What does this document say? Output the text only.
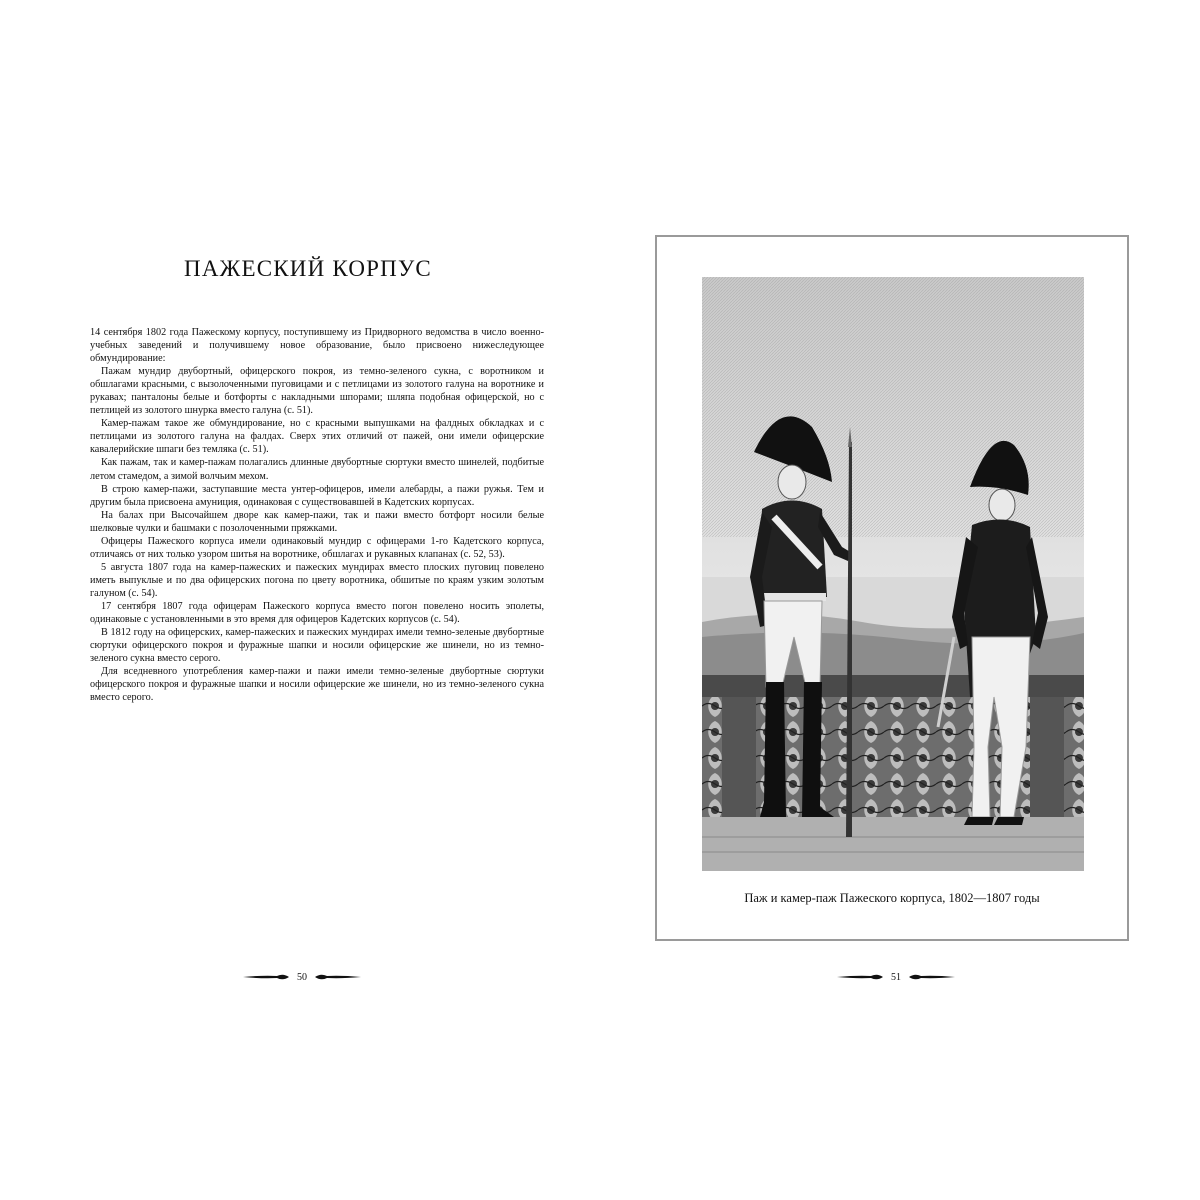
ПАЖЕСКИЙ КОРПУС

14 сентября 1802 года Пажескому корпусу, поступившему из Придворного ведомства в число военно-учебных заведений и получившему новое образование, было присвоено нижеследующее обмундирование:

Пажам мундир двубортный, офицерского покроя, из темно-зеленого сукна, с воротником и обшлагами красными, с вызолоченными пуговицами и с петлицами из золотого галуна на воротнике и рукавах; панталоны белые и ботфорты с накладными шпорами; шляпа подобная офицерской, но с петлицей из золотого шнурка вместо галуна (с. 51).

Камер-пажам такое же обмундирование, но с красными выпушками на фалдных обкладках и с петлицами из золотого галуна на фалдах. Сверх этих отличий от пажей, они имели офицерские кавалерийские шпаги без темляка (с. 51).

Как пажам, так и камер-пажам полагались длинные двубортные сюртуки вместо шинелей, подбитые летом стамедом, а зимой волчьим мехом.

В строю камер-пажи, заступавшие места унтер-офицеров, имели алебарды, а пажи ружья. Тем и другим была присвоена амуниция, одинаковая с существовавшей в Кадетских корпусах.

На балах при Высочайшем дворе как камер-пажи, так и пажи вместо ботфорт носили белые шелковые чулки и башмаки с позолоченными пряжками.

Офицеры Пажеского корпуса имели одинаковый мундир с офицерами 1-го Кадетского корпуса, отличаясь от них только узором шитья на воротнике, обшлагах и рукавных клапанах (с. 52, 53).

5 августа 1807 года на камер-пажеских и пажеских мундирах вместо плоских пуговиц повелено иметь выпуклые и по два офицерских погона по цвету воротника, обшитые по краям узким золотым галуном (с. 54).

17 сентября 1807 года офицерам Пажеского корпуса вместо погон повелено носить эполеты, одинаковые с установленными в это время для офицеров Кадетских корпусов (с. 54).

В 1812 году на офицерских, камер-пажеских и пажеских мундирах имели темно-зеленые двубортные сюртуки офицерского покроя и фуражные шапки и носили офицерские же шинели, но из темно-зеленого сукна вместо серого.

Для вседневного употребления камер-пажи и пажи имели темно-зеленые двубортные сюртуки офицерского покроя и фуражные шапки и носили офицерские же шинели, но из темно-зеленого сукна вместо серого.

50
Паж и камер-паж Пажеского корпуса, 1802—1807 годы
51
